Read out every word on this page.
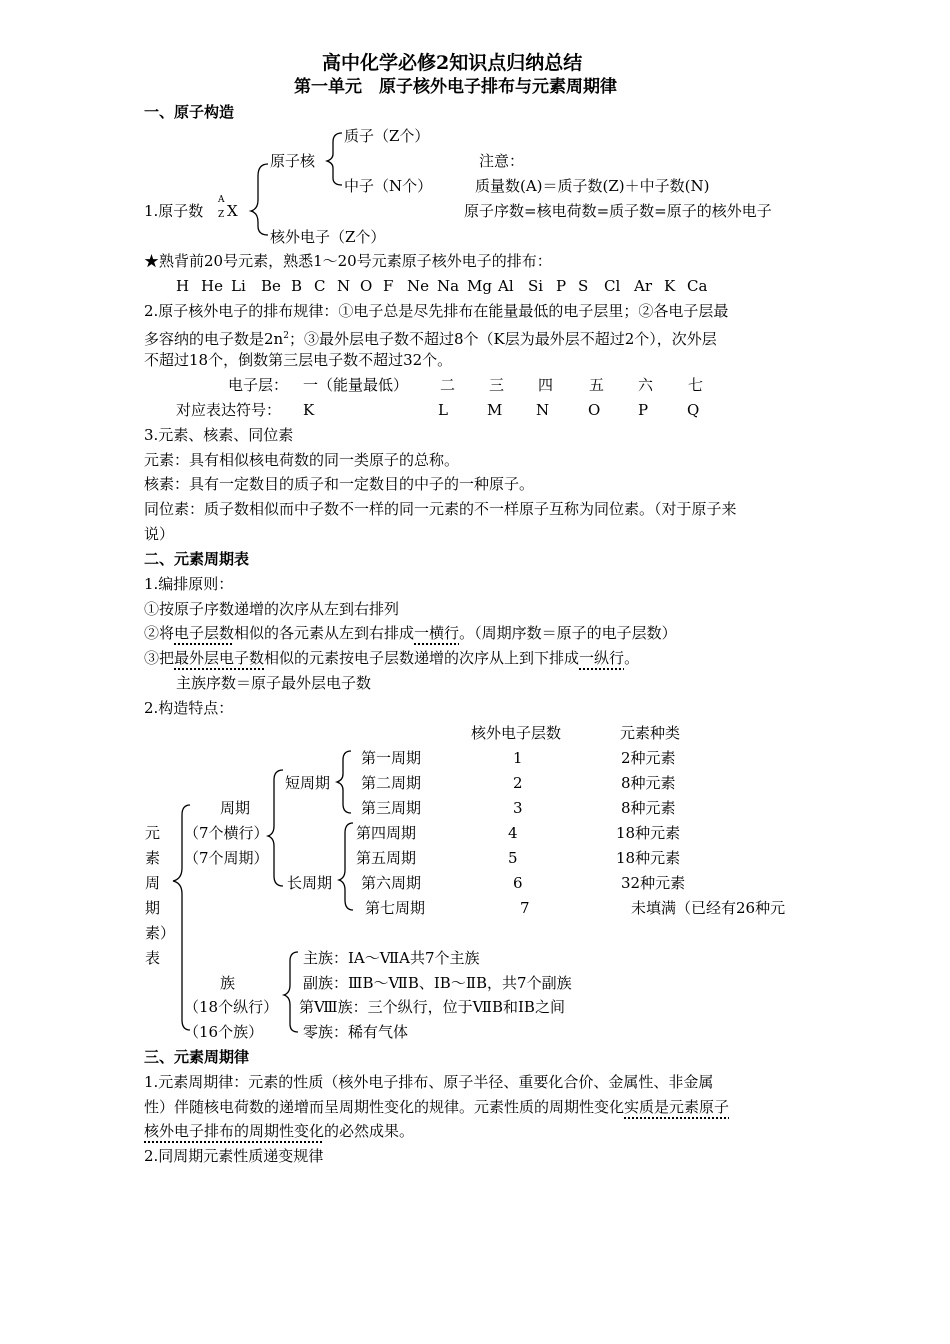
高中化学必修2知识点归纳总结
第一单元　原子核外电子排布与元素周期律
一、原子构造
质子（Z个）
原子核	注意：
中子（N个）	质量数(A)＝质子数(Z)＋中子数(N)
1.原子数
A
Z X	原子序数=核电荷数=质子数=原子的核外电子
核外电子（Z个）
★熟背前20号元素，熟悉1～20号元素原子核外电子的排布：
H He Li Be B C N O F Ne Na Mg Al Si P S Cl Ar K Ca
2.原子核外电子的排布规律：①电子总是尽先排布在能量最低的电子层里；②各电子层最
多容纳的电子数是$2n^2$；③最外层电子数不超过8个（K层为最外层不超过2个），次外层
不超过18个，倒数第三层电子数不超过32个。
电子层： 一（能量最低） 二 三 四 五 六 七
对应表达符号： K	L	M N	O	P	Q
3.元素、核素、同位素
元素：具有相似核电荷数的同一类原子的总称。
核素：具有一定数目的质子和一定数目的中子的一种原子。
同位素：质子数相似而中子数不一样的同一元素的不一样原子互称为同位素。（对于原子来
说）
二、元素周期表
1.编排原则：
①按原子序数递增的次序从左到右排列
②将电子层数相似的各元素从左到右排成一横行。（周期序数＝原子的电子层数）
③把最外层电子数相似的元素按电子层数递增的次序从上到下排成一纵行。
主族序数＝原子最外层电子数
2.构造特点：
核外电子层数	元素种类
短周期
长周期
周期
（7个横行）
（7个周期）
第一周期	1	2种元素
第二周期	2	8种元素
第三周期	3	8种元素
第四周期	4	18种元素
第五周期	5	18种元素
第六周期	6	32种元素
第七周期	7	未填满（已经有26种元
元
素
周
期
素）
表
族
（18个纵行）
（16个族）
主族：ⅠA～ⅦA共7个主族
副族：ⅢB～ⅦB、ⅠB～ⅡB，共7个副族
第Ⅷ族：三个纵行，位于ⅦB和ⅠB之间
零族：稀有气体
三、元素周期律
1.元素周期律：元素的性质（核外电子排布、原子半径、重要化合价、金属性、非金属
性）伴随核电荷数的递增而呈周期性变化的规律。元素性质的周期性变化实质是元素原子
核外电子排布的周期性变化的必然成果。
2.同周期元素性质递变规律
